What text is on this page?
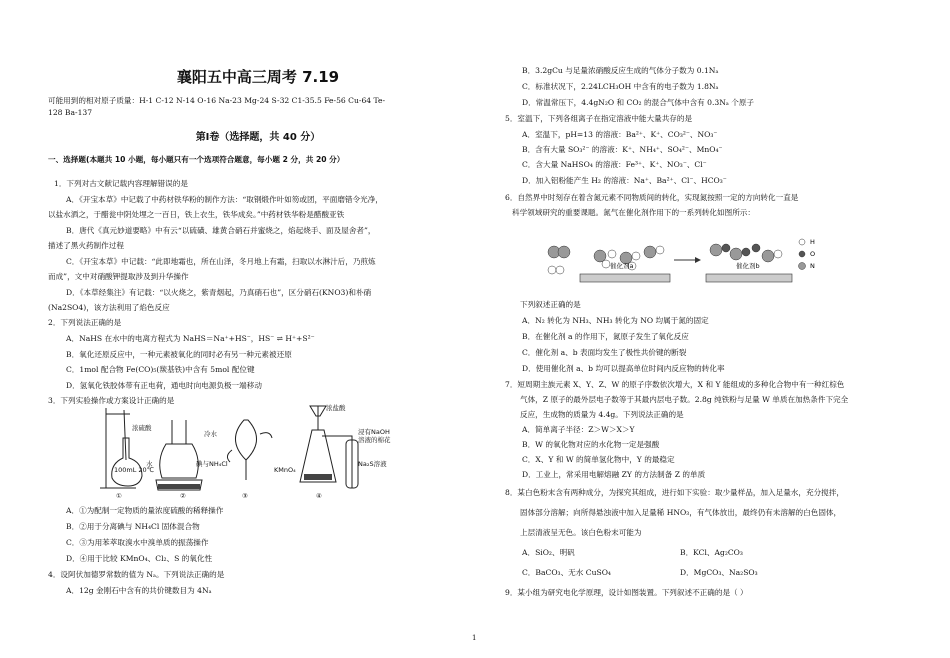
襄阳五中高三周考 7.19
可能用到的相对原子质量：H-1 C-12 N-14 O-16 Na-23 Mg-24 S-32 C1-35.5 Fe-56 Cu-64 Te-
128 Ba-137
第Ⅰ卷（选择题，共 40 分）
一、选择题(本题共 10 小题，每小题只有一个选项符合题意，每小题 2 分，共 20 分）
1．下列对古文献记载内容理解错误的是
A．《开宝本草》中记载了中药材铁华粉的制作方法：“取钢煅作叶如笏或团，平面磨错令光净，
以盐水洒之，于醋瓮中阴处埋之一百日，铁上衣生，铁华成矣。”中药材铁华粉是醋酸亚铁
B．唐代《真元妙道要略》中有云“以硫磺、雄黄合硝石并蜜烧之，焰起烧手、面及屋舍者”，
描述了黑火药制作过程
C．《开宝本草》中记载：“此即地霜也，所在山泽，冬月地上有霜，扫取以水淋汁后，乃煎炼
而成”，文中对硝酸钾提取涉及到升华操作
D．《本草经集注》有记载：“以火烧之，紫青烟起，乃真硝石也”，区分硝石(KNO3)和朴硝
(Na2SO4)，该方法利用了焰色反应
2．下列说法正确的是
A．NaHS 在水中的电离方程式为 NaHS＝Na⁺+HS⁻，HS⁻ ⇌ H⁺+S²⁻
B．氧化还原反应中，一种元素被氧化的同时必有另一种元素被还原
C．1mol 配合物 Fe(CO)₅(羰基铁)中含有 5mol 配位键
D．氢氧化铁胶体带有正电荷，通电时向电源负极一端移动
3．下列实验操作或方案设计正确的是
浓硫酸
100mL 20℃
水
冷水
碘与NH₄Cl
浓盐酸
KMnO₄
浸有NaOH
溶液的棉花
Na₂S溶液
①	②	③	④
A．①为配制一定物质的量浓度硫酸的稀释操作
B．②用于分离碘与 NH₄Cl 固体混合物
C．③为用苯萃取溴水中溴单质的振荡操作
D．④用于比较 KMnO₄、Cl₂、S 的氧化性
4．设阿伏加德罗常数的值为 Nₐ。下列说法正确的是
A．12g 金刚石中含有的共价键数目为 4Nₐ
B．3.2gCu 与足量浓硝酸反应生成的气体分子数为 0.1Nₐ
C．标准状况下，2.24LCH₃OH 中含有的电子数为 1.8Nₐ
D．常温常压下，4.4gN₂O 和 CO₂ 的混合气体中含有 0.3Nₐ 个原子
5．室温下，下列各组离子在指定溶液中能大量共存的是
A．室温下，pH=13 的溶液：Ba²⁺、K⁺、CO₃²⁻、NO₃⁻
B．含有大量 SO₃²⁻ 的溶液：K⁺、NH₄⁺、SO₄²⁻、MnO₄⁻
C．含大量 NaHSO₄ 的溶液：Fe³⁺、K⁺、NO₃⁻、Cl⁻
D．加入铝粉能产生 H₂ 的溶液：Na⁺、Ba²⁺、Cl⁻、HCO₃⁻
6．自然界中时刻存在着含氮元素不同物质间的转化，实现氮按照一定的方向转化一直是
科学领域研究的重要课题。氮气在催化剂作用下的一系列转化如图所示：
催化剂a	催化剂b
H
O
N
下列叙述正确的是
A．N₂ 转化为 NH₃、NH₃ 转化为 NO 均属于氮的固定
B．在催化剂 a 的作用下，氮原子发生了氧化反应
C．催化剂 a、b 表面均发生了极性共价键的断裂
D．使用催化剂 a、b 均可以提高单位时间内反应物的转化率
7．短周期主族元素 X、Y、Z、W 的原子序数依次增大，X 和 Y 能组成的多种化合物中有一种红棕色
气体，Z 原子的最外层电子数等于其最内层电子数。2.8g 纯铁粉与足量 W 单质在加热条件下完全
反应，生成物的质量为 4.4g。下列说法正确的是
A．简单离子半径：Z＞W＞X＞Y
B．W 的氧化物对应的水化物一定是强酸
C．X、Y 和 W 的简单氢化物中，Y 的最稳定
D．工业上，常采用电解熔融 ZY 的方法制备 Z 的单质
8．某白色粉末含有两种成分，为探究其组成，进行如下实验：取少量样品，加入足量水，充分搅拌，
固体部分溶解；向所得悬浊液中加入足量稀 HNO₃，有气体放出，最终仍有未溶解的白色固体，
上层清液呈无色。该白色粉末可能为
A．SiO₂、明矾	B．KCl、Ag₂CO₃
C．BaCO₃、无水 CuSO₄	D．MgCO₃、Na₂SO₃
9．某小组为研究电化学原理，设计如图装置。下列叙述不正确的是（ ）
1
